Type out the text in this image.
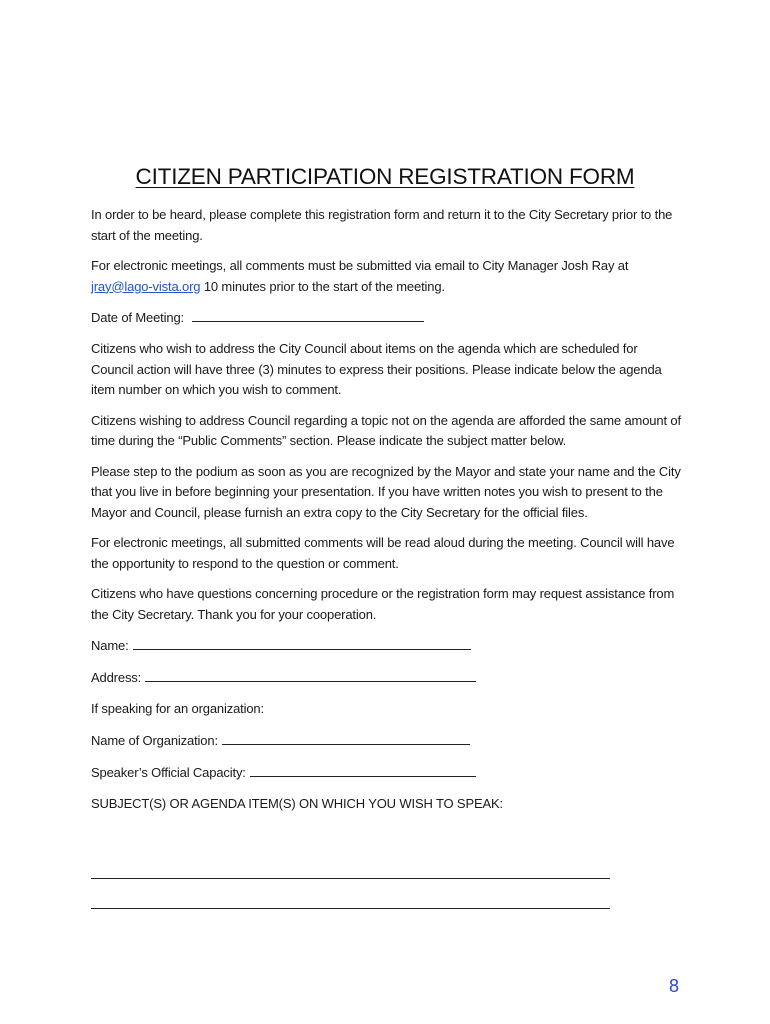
CITIZEN PARTICIPATION REGISTRATION FORM

In order to be heard, please complete this registration form and return it to the City Secretary prior to the start of the meeting.

For electronic meetings, all comments must be submitted via email to City Manager Josh Ray at
jray@lago-vista.org 10 minutes prior to the start of the meeting.

Date of Meeting:

Citizens who wish to address the City Council about items on the agenda which are scheduled for Council action will have three (3) minutes to express their positions. Please indicate below the agenda item number on which you wish to comment.

Citizens wishing to address Council regarding a topic not on the agenda are afforded the same amount of time during the “Public Comments” section. Please indicate the subject matter below.

Please step to the podium as soon as you are recognized by the Mayor and state your name and the City that you live in before beginning your presentation. If you have written notes you wish to present to the Mayor and Council, please furnish an extra copy to the City Secretary for the official files.

For electronic meetings, all submitted comments will be read aloud during the meeting. Council will have the opportunity to respond to the question or comment.

Citizens who have questions concerning procedure or the registration form may request assistance from the City Secretary. Thank you for your cooperation.

Name:
Address:
If speaking for an organization:
Name of Organization:
Speaker’s Official Capacity:
SUBJECT(S) OR AGENDA ITEM(S) ON WHICH YOU WISH TO SPEAK:
8
